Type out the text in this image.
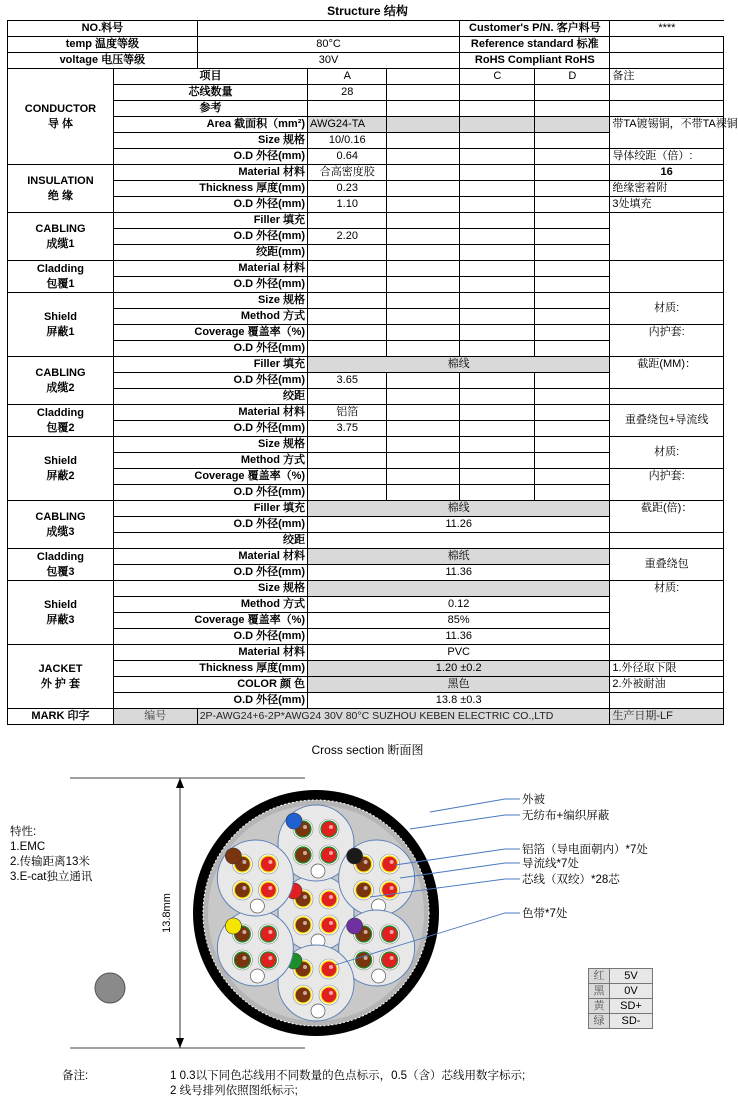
Structure 结构
NO.料号					Customer's P/N. 客户料号		****
temp 温度等级		80°C			Reference standard 标准		
voltage 电压等级		30V			RoHS Compliant RoHS		
CONDUCTOR
导 体	项目		A		C	D	备注
	芯线数量		28				
	参考						
	Area 截面积（mm²)		AWG24-TA				带TA镀锡铜，不带TA裸铜
	Size 规格		10/0.16				
	O.D 外径(mm)		0.64				导体绞距（倍）:
INSULATION
绝 缘	Material 材料		合高密度胶				16
	Thickness 厚度(mm)		0.23				绝缘密着附
	O.D 外径(mm)		1.10				3处填充
CABLING
成缆1	Filler 填充						
	O.D 外径(mm)		2.20				
	绞距(mm)						
Cladding
包覆1	Material 材料						
	O.D 外径(mm)						
Shield
屏蔽1	Size 规格						材质:
	Method 方式						
	Coverage 覆盖率（%)						内护套:
	O.D 外径(mm)						
CABLING
成缆2	Filler 填充		棉线				截距(MM)：
	O.D 外径(mm)		3.65				
	绞距						
Cladding
包覆2	Material 材料		铝箔				重叠绕包+导流线
	O.D 外径(mm)		3.75				
Shield
屏蔽2	Size 规格						材质:
	Method 方式						
	Coverage 覆盖率（%)						内护套:
	O.D 外径(mm)						
CABLING
成缆3	Filler 填充		棉线				截距(倍)：
	O.D 外径(mm)		11.26				
	绞距						
Cladding
包覆3	Material 材料		棉纸				重叠绕包
	O.D 外径(mm)		11.36				
Shield
屏蔽3	Size 规格						材质:
	Method 方式		0.12				
	Coverage 覆盖率（%)		85%				
	O.D 外径(mm)		11.36				
JACKET
外 护 套	Material 材料		PVC				
	Thickness 厚度(mm)		1.20 ±0.2				1.外径取下限
	COLOR 颜 色		黑色				2.外被耐油
	O.D 外径(mm)		13.8 ±0.3				
MARK 印字	编号	2P-AWG24+6-2P*AWG24 30V 80°C SUZHOU KEBEN ELECTRIC CO.,LTD					生产日期-LF
Cross section 断面图
13.8mm
外被
无纺布+编织屏蔽
铝箔（导电面朝内）*7处
导流线*7处
芯线（双绞）*28芯
色带*7处
特性:
1.EMC
2.传输距离13米
3.E-cat独立通讯
红	5V
黑	0V
黄	SD+
绿	SD-
备注:	1 0.3以下同色芯线用不同数量的色点标示，0.5（含）芯线用数字标示;
2 线号排列依照图纸标示;
